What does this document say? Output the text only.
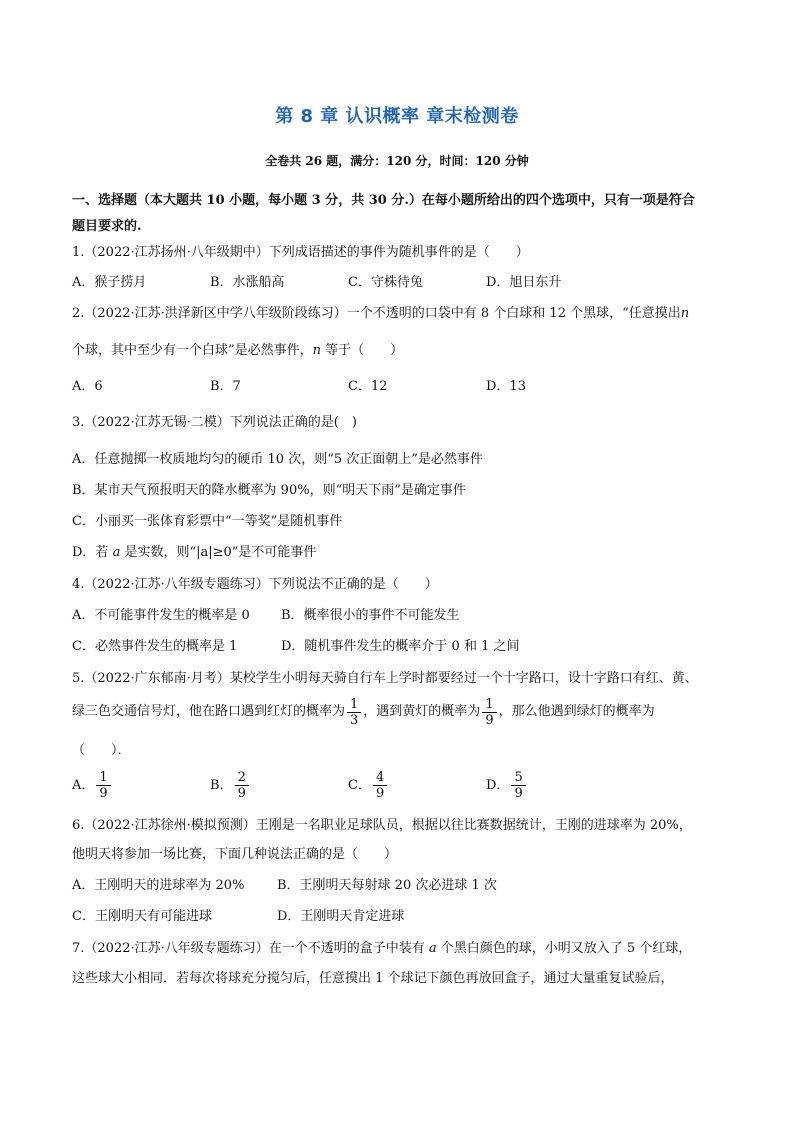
第 8 章 认识概率 章末检测卷
全卷共 26 题，满分：120 分，时间：120 分钟
一、选择题（本大题共 10 小题，每小题 3 分，共 30 分.）在每小题所给出的四个选项中，只有一项是符合
题目要求的.
1.（2022·江苏扬州·八年级期中）下列成语描述的事件为随机事件的是（　　）
A．猴子捞月	B．水涨船高	C．守株待兔	D．旭日东升
2.（2022·江苏·洪泽新区中学八年级阶段练习）一个不透明的口袋中有 8 个白球和 12 个黑球，“任意摸出n
个球，其中至少有一个白球”是必然事件，n 等于（　　）
A．6	B．7	C．12	D．13
3.（2022·江苏无锡·二模）下列说法正确的是(　)
A．任意抛掷一枚质地均匀的硬币 10 次，则“5 次正面朝上”是必然事件
B．某市天气预报明天的降水概率为 90%，则“明天下雨”是确定事件
C．小丽买一张体育彩票中“一等奖”是随机事件
D．若 a 是实数，则“|a|≥0”是不可能事件
4.（2022·江苏·八年级专题练习）下列说法不正确的是（　　）
A．不可能事件发生的概率是 0 B．概率很小的事件不可能发生
C．必然事件发生的概率是 1	D．随机事件发生的概率介于 0 和 1 之间
5.（2022·广东郁南·月考）某校学生小明每天骑自行车上学时都要经过一个十字路口，设十字路口有红、黄、
绿三色交通信号灯，他在路口遇到红灯的概率为 $\frac{1}{3}$ ，遇到黄灯的概率为 $\frac{1}{9}$ ，那么他遇到绿灯的概率为
（　　）．
A． $\frac{1}{9}$	B． $\frac{2}{9}$	C． $\frac{4}{9}$	D． $\frac{5}{9}$
6.（2022·江苏徐州·模拟预测）王刚是一名职业足球队员，根据以往比赛数据统计，王刚的进球率为 20%，
他明天将参加一场比赛，下面几种说法正确的是（　　）
A．王刚明天的进球率为 20%	B．王刚明天每射球 20 次必进球 1 次
C．王刚明天有可能进球	D．王刚明天肯定进球
7.（2022·江苏·八年级专题练习）在一个不透明的盒子中装有 a 个黑白颜色的球，小明又放入了 5 个红球，
这些球大小相同．若每次将球充分搅匀后，任意摸出 1 个球记下颜色再放回盒子，通过大量重复试验后，
